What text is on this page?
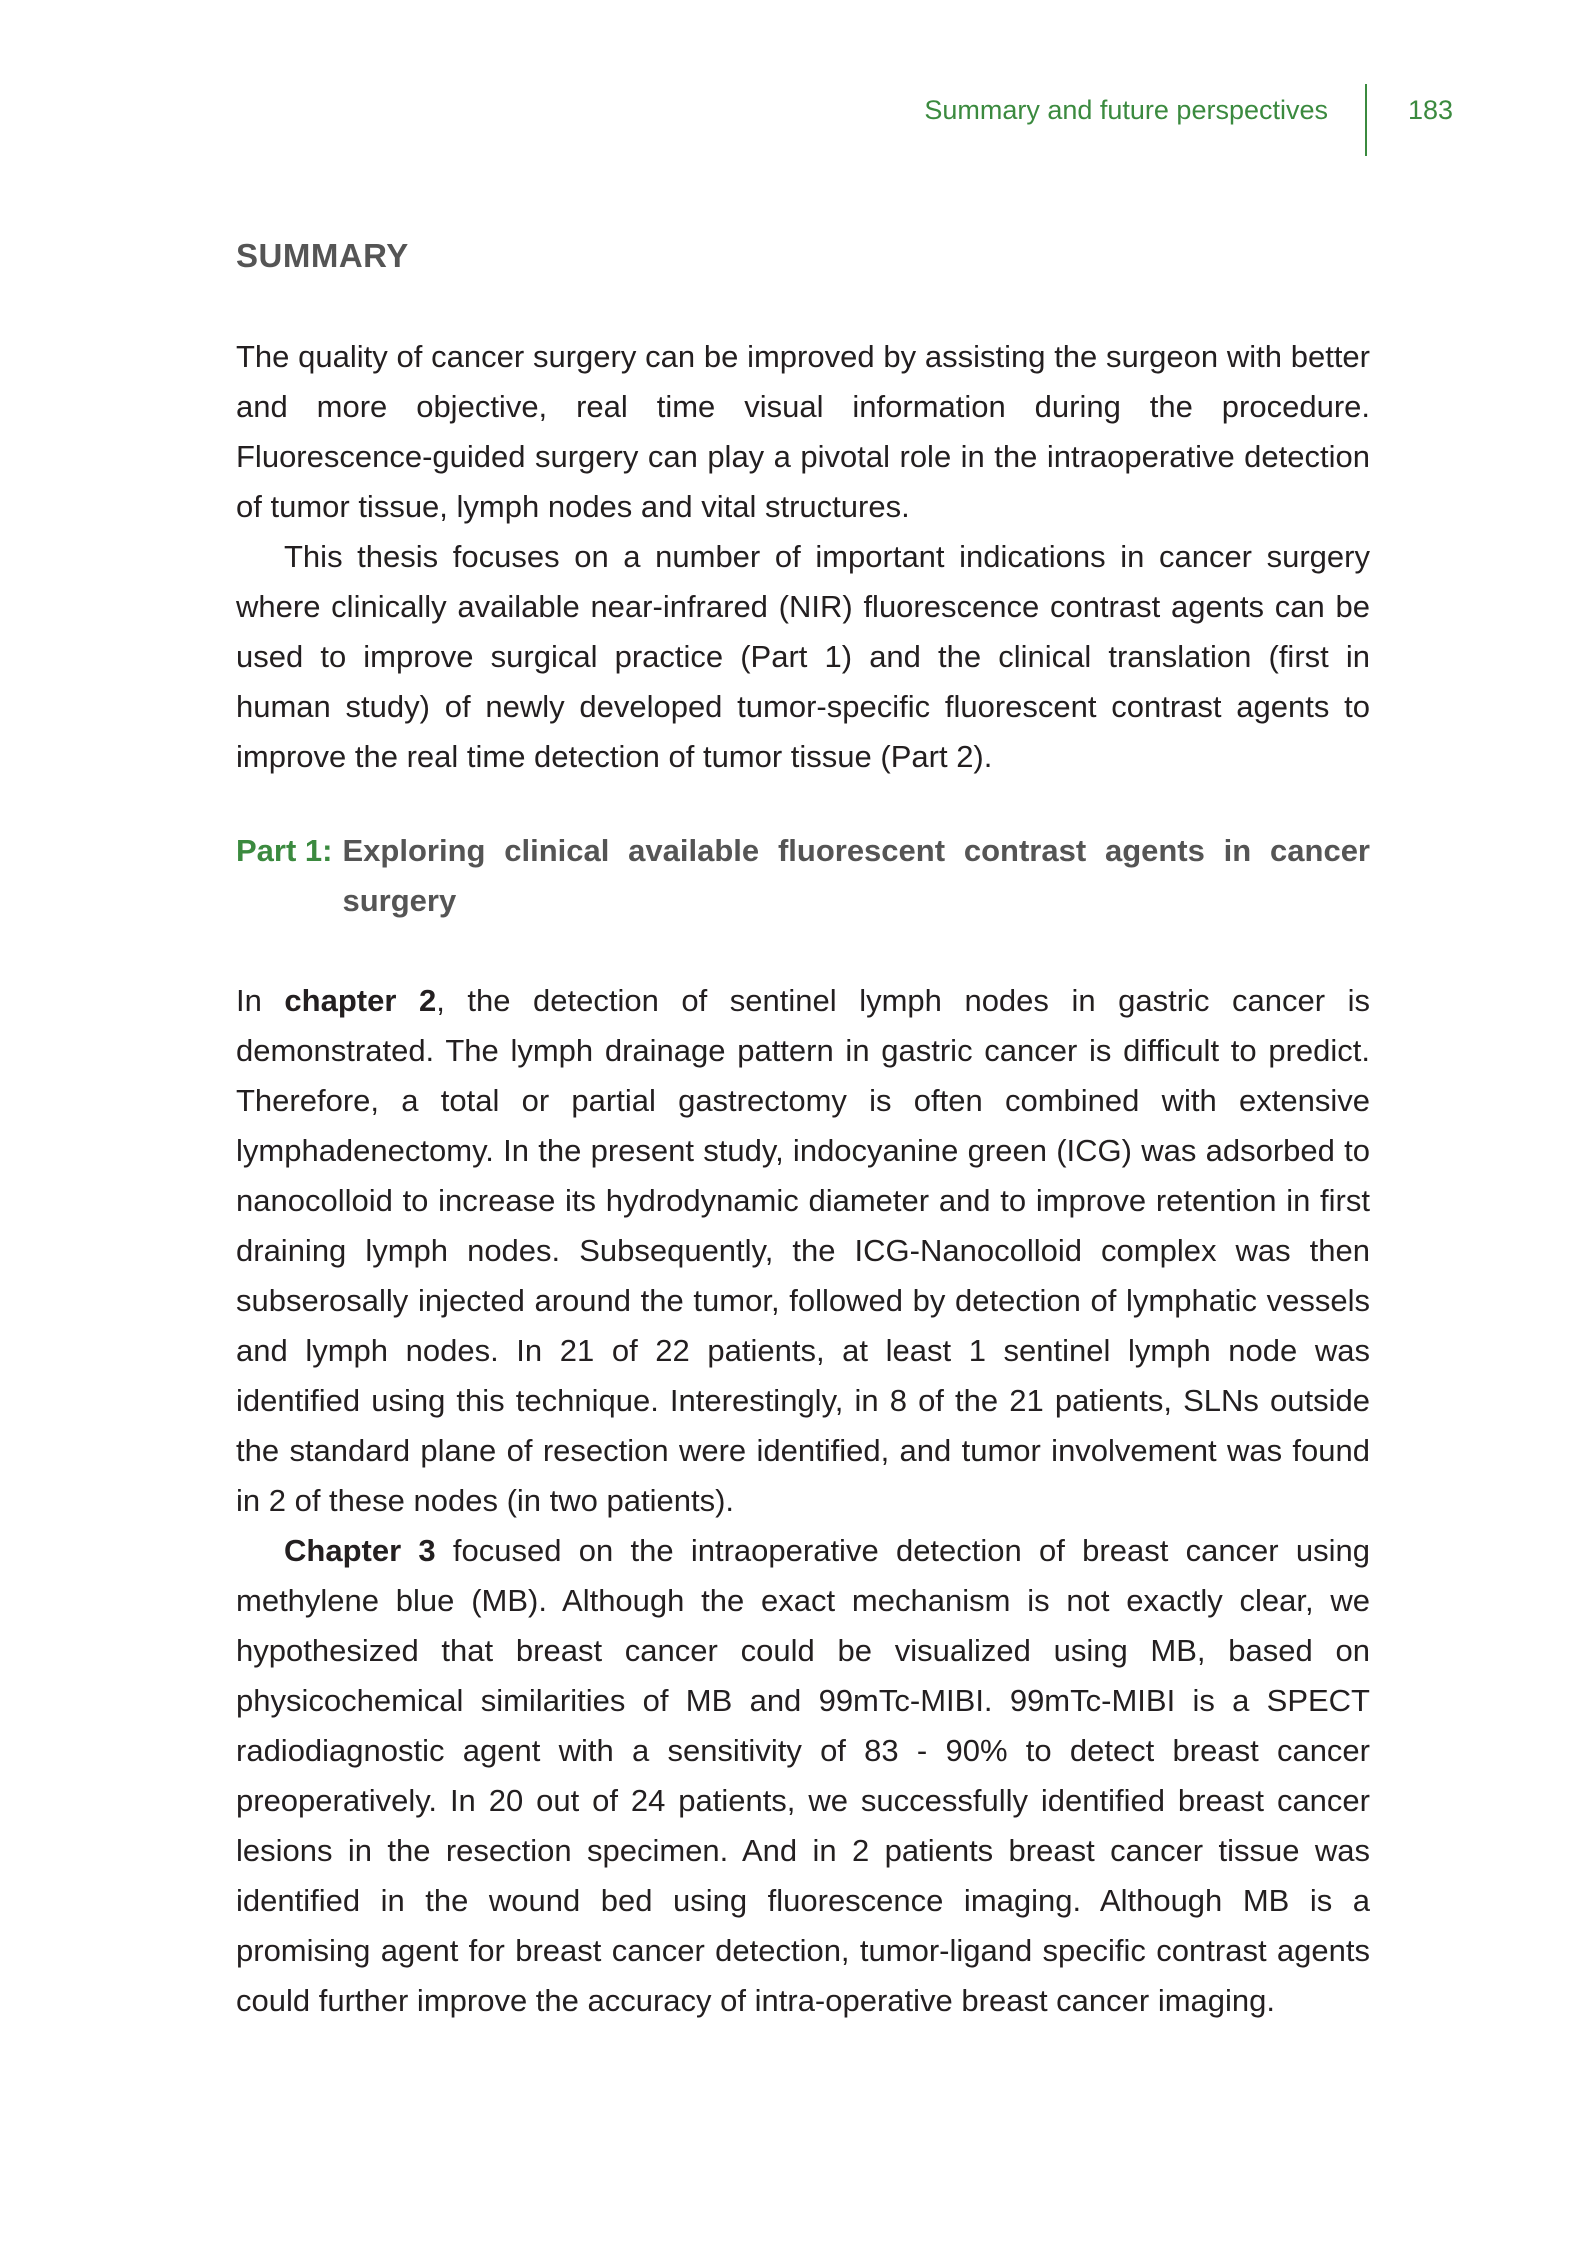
Summary and future perspectives	183
SUMMARY

The quality of cancer surgery can be improved by assisting the surgeon with better and more objective, real time visual information during the procedure. Fluorescence-guided surgery can play a pivotal role in the intraoperative detection of tumor tissue, lymph nodes and vital structures.

This thesis focuses on a number of important indications in cancer surgery where clinically available near-infrared (NIR) fluorescence contrast agents can be used to improve surgical practice (Part 1) and the clinical translation (first in human study) of newly developed tumor-specific fluorescent contrast agents to improve the real time detection of tumor tissue (Part 2).

Part 1: Exploring clinical available fluorescent contrast agents in cancer surgery

In chapter 2, the detection of sentinel lymph nodes in gastric cancer is demonstrated. The lymph drainage pattern in gastric cancer is difficult to predict. Therefore, a total or partial gastrectomy is often combined with extensive lymphadenectomy. In the present study, indocyanine green (ICG) was adsorbed to nanocolloid to increase its hydrodynamic diameter and to improve retention in first draining lymph nodes. Subsequently, the ICG-Nanocolloid complex was then subserosally injected around the tumor, followed by detection of lymphatic vessels and lymph nodes. In 21 of 22 patients, at least 1 sentinel lymph node was identified using this technique. Interestingly, in 8 of the 21 patients, SLNs outside the standard plane of resection were identified, and tumor involvement was found in 2 of these nodes (in two patients).

Chapter 3 focused on the intraoperative detection of breast cancer using methylene blue (MB). Although the exact mechanism is not exactly clear, we hypothesized that breast cancer could be visualized using MB, based on physicochemical similarities of MB and 99mTc-MIBI. 99mTc-MIBI is a SPECT radiodiagnostic agent with a sensitivity of 83 - 90% to detect breast cancer preoperatively. In 20 out of 24 patients, we successfully identified breast cancer lesions in the resection specimen. And in 2 patients breast cancer tissue was identified in the wound bed using fluorescence imaging. Although MB is a promising agent for breast cancer detection, tumor-ligand specific contrast agents could further improve the accuracy of intra-operative breast cancer imaging.
